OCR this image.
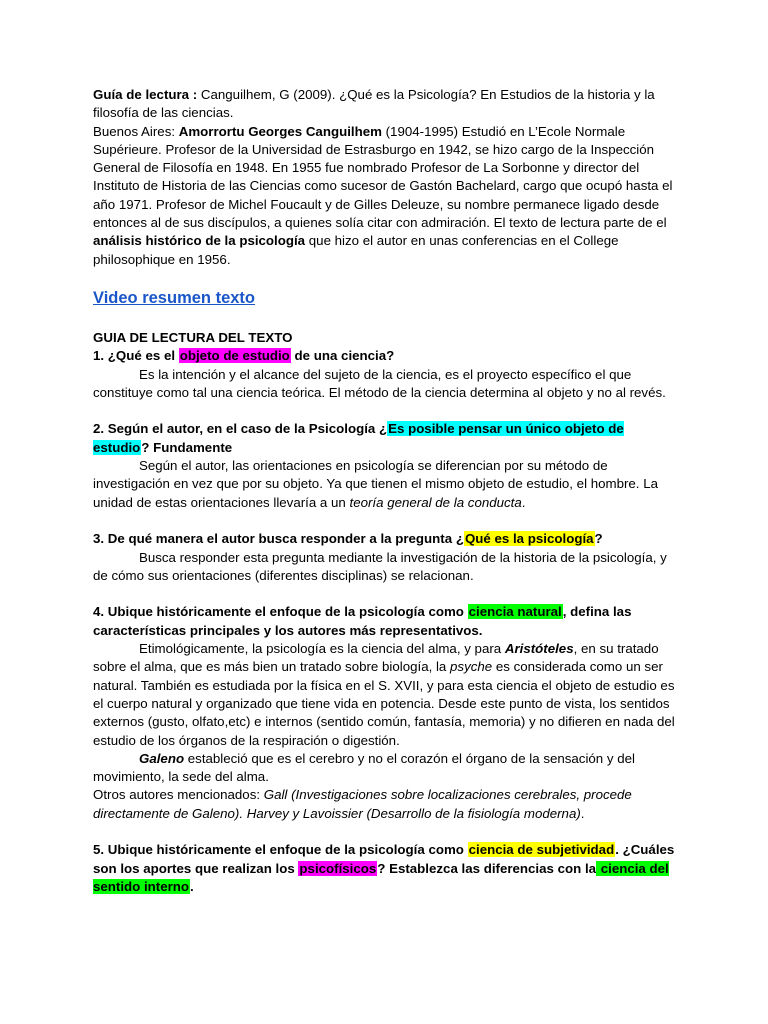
Guía de lectura : Canguilhem, G (2009). ¿Qué es la Psicología? En Estudios de la historia y la filosofía de las ciencias.

Buenos Aires: Amorrortu Georges Canguilhem (1904-1995) Estudió en L’Ecole Normale Supérieure. Profesor de la Universidad de Estrasburgo en 1942, se hizo cargo de la Inspección General de Filosofía en 1948. En 1955 fue nombrado Profesor de La Sorbonne y director del Instituto de Historia de las Ciencias como sucesor de Gastón Bachelard, cargo que ocupó hasta el año 1971. Profesor de Michel Foucault y de Gilles Deleuze, su nombre permanece ligado desde entonces al de sus discípulos, a quienes solía citar con admiración. El texto de lectura parte de el análisis histórico de la psicología que hizo el autor en unas conferencias en el College philosophique en 1956.

Video resumen texto

GUIA DE LECTURA DEL TEXTO

1. ¿Qué es el objeto de estudio de una ciencia?

Es la intención y el alcance del sujeto de la ciencia, es el proyecto específico el que constituye como tal una ciencia teórica. El método de la ciencia determina al objeto y no al revés.

2. Según el autor, en el caso de la Psicología ¿Es posible pensar un único objeto de estudio? Fundamente

Según el autor, las orientaciones en psicología se diferencian por su método de investigación en vez que por su objeto. Ya que tienen el mismo objeto de estudio, el hombre. La unidad de estas orientaciones llevaría a un teoría general de la conducta.

3. De qué manera el autor busca responder a la pregunta ¿Qué es la psicología?

Busca responder esta pregunta mediante la investigación de la historia de la psicología, y de cómo sus orientaciones (diferentes disciplinas) se relacionan.

4. Ubique históricamente el enfoque de la psicología como ciencia natural, defina las características principales y los autores más representativos.

Etimológicamente, la psicología es la ciencia del alma, y para Aristóteles, en su tratado sobre el alma, que es más bien un tratado sobre biología, la psyche es considerada como un ser natural. También es estudiada por la física en el S. XVII, y para esta ciencia el objeto de estudio es el cuerpo natural y organizado que tiene vida en potencia. Desde este punto de vista, los sentidos externos (gusto, olfato,etc) e internos (sentido común, fantasía, memoria) y no difieren en nada del estudio de los órganos de la respiración o digestión.

Galeno estableció que es el cerebro y no el corazón el órgano de la sensación y del movimiento, la sede del alma.

Otros autores mencionados: Gall (Investigaciones sobre localizaciones cerebrales, procede directamente de Galeno). Harvey y Lavoissier (Desarrollo de la fisiología moderna).

5. Ubique históricamente el enfoque de la psicología como ciencia de subjetividad. ¿Cuáles son los aportes que realizan los psicofísicos? Establezca las diferencias con la ciencia del sentido interno.
